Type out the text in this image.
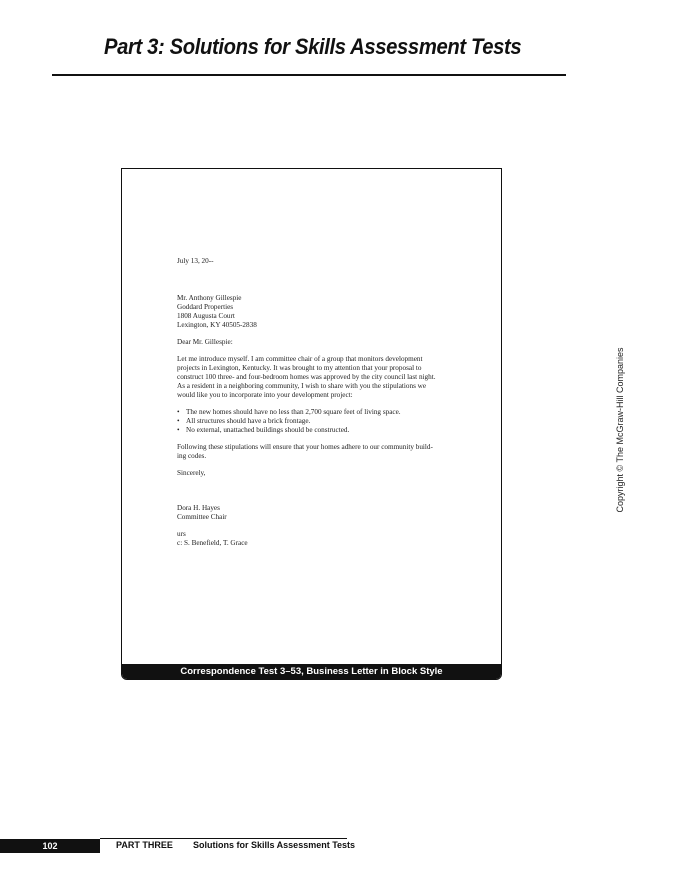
Part 3: Solutions for Skills Assessment Tests
July 13, 20--
Mr. Anthony Gillespie
Goddard Properties
1808 Augusta Court
Lexington, KY 40505-2838
Dear Mr. Gillespie:
Let me introduce myself. I am committee chair of a group that monitors development
projects in Lexington, Kentucky. It was brought to my attention that your proposal to
construct 100 three- and four-bedroom homes was approved by the city council last night.
As a resident in a neighboring community, I wish to share with you the stipulations we
would like you to incorporate into your development project:
• The new homes should have no less than 2,700 square feet of living space.
• All structures should have a brick frontage.
• No external, unattached buildings should be constructed.
Following these stipulations will ensure that your homes adhere to our community build-
ing codes.
Sincerely,
Dora H. Hayes
Committee Chair
urs
c: S. Benefield, T. Grace
Correspondence Test 3–53, Business Letter in Block Style
Copyright © The McGraw-Hill Companies
102	PART THREE Solutions for Skills Assessment Tests
